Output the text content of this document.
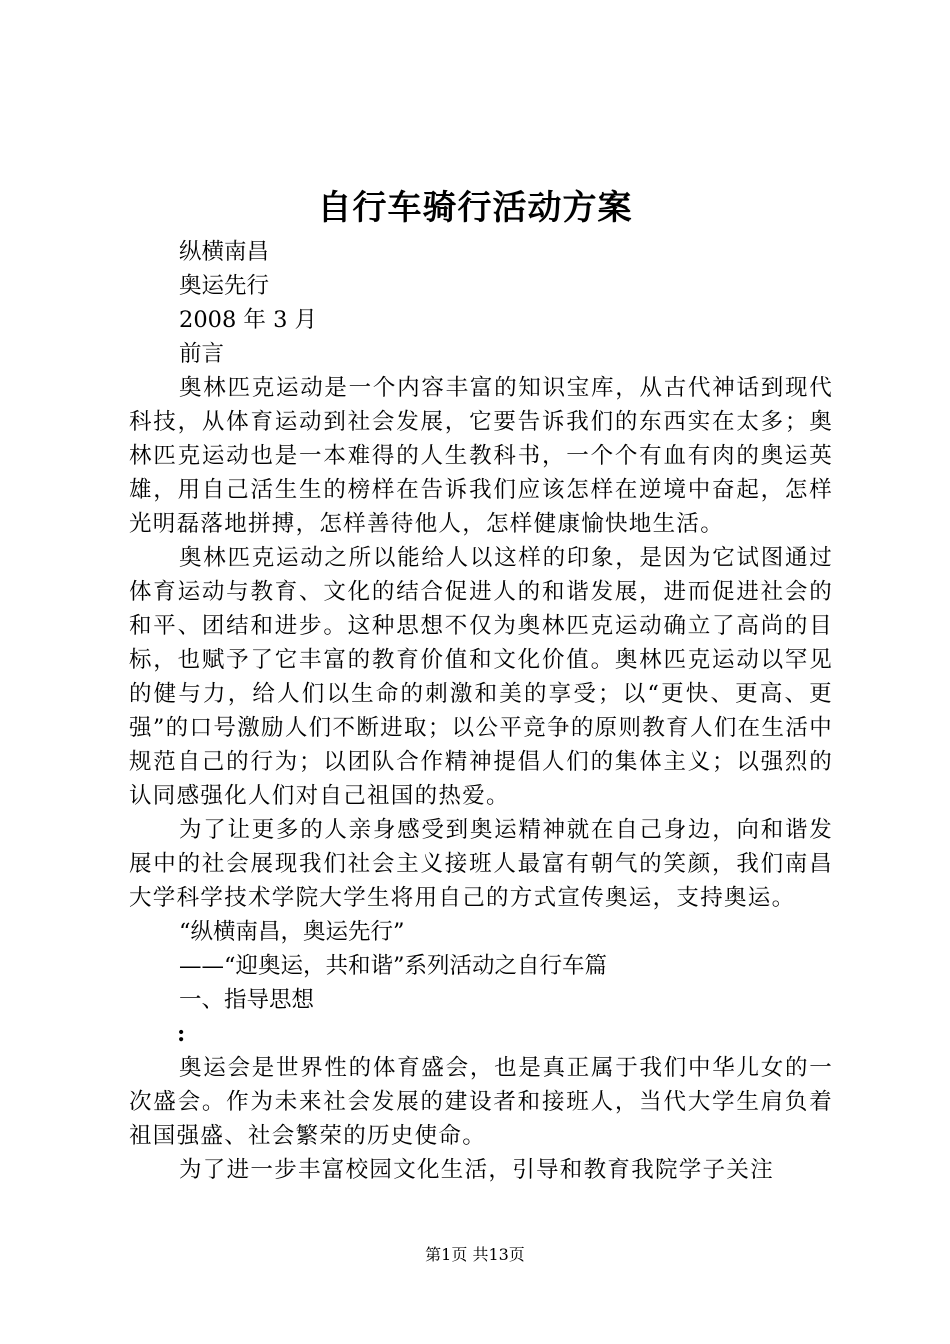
自行车骑行活动方案

纵横南昌

奥运先行

2008 年 3 月

前言

奥林匹克运动是一个内容丰富的知识宝库，从古代神话到现代科技，从体育运动到社会发展，它要告诉我们的东西实在太多；奥林匹克运动也是一本难得的人生教科书，一个个有血有肉的奥运英雄，用自己活生生的榜样在告诉我们应该怎样在逆境中奋起，怎样光明磊落地拼搏，怎样善待他人，怎样健康愉快地生活。

奥林匹克运动之所以能给人以这样的印象，是因为它试图通过体育运动与教育、文化的结合促进人的和谐发展，进而促进社会的和平、团结和进步。这种思想不仅为奥林匹克运动确立了高尚的目标，也赋予了它丰富的教育价值和文化价值。奥林匹克运动以罕见的健与力，给人们以生命的刺激和美的享受；以“更快、更高、更强”的口号激励人们不断进取；以公平竞争的原则教育人们在生活中规范自己的行为；以团队合作精神提倡人们的集体主义；以强烈的认同感强化人们对自己祖国的热爱。

为了让更多的人亲身感受到奥运精神就在自己身边，向和谐发展中的社会展现我们社会主义接班人最富有朝气的笑颜，我们南昌大学科学技术学院大学生将用自己的方式宣传奥运，支持奥运。

“纵横南昌，奥运先行”

——“迎奥运，共和谐”系列活动之自行车篇

一、指导思想

:

奥运会是世界性的体育盛会，也是真正属于我们中华儿女的一次盛会。作为未来社会发展的建设者和接班人，当代大学生肩负着祖国强盛、社会繁荣的历史使命。

为了进一步丰富校园文化生活，引导和教育我院学子关注

第1页 共13页
